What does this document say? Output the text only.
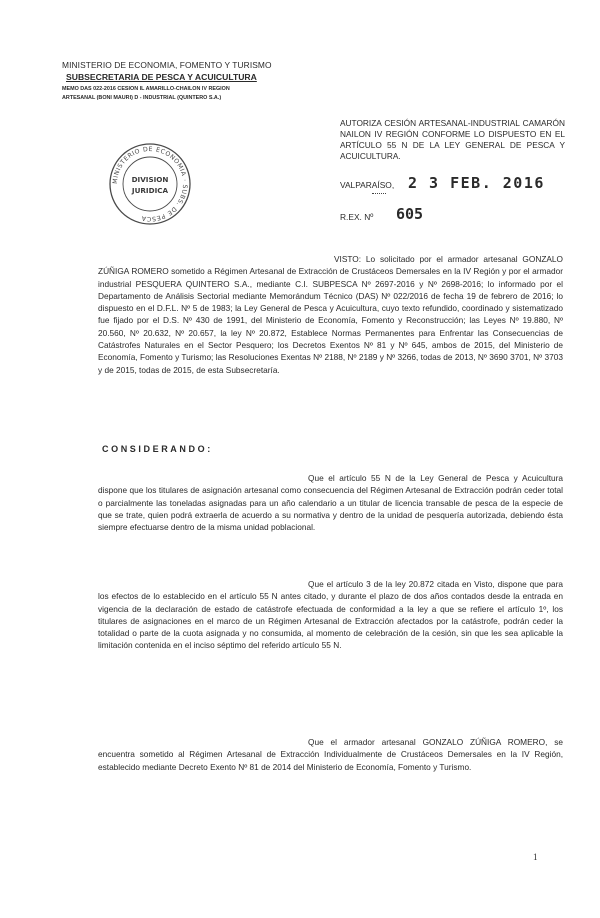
MINISTERIO DE ECONOMIA, FOMENTO Y TURISMO
SUBSECRETARIA DE PESCA Y ACUICULTURA
MEMO DAS 022-2016 CESION IL AMARILLO-CHAILON IV REGION
ARTESANAL (BONI MAURI) D - INDUSTRIAL (QUINTERO S.A.)
MINISTERIO DE ECONOMIA · SUBS. DE PESCA
DIVISION
JURIDICA
AUTORIZA CESIÓN ARTESANAL-INDUSTRIAL CAMARÓN NAILON IV REGIÓN CONFORME LO DISPUESTO EN EL ARTÍCULO 55 N DE LA LEY GENERAL DE PESCA Y ACUICULTURA.
VALPARAÍSO, 2 3 FEB. 2016
R.EX. Nº 605
VISTO: Lo solicitado por el armador artesanal GONZALO ZÚÑIGA ROMERO sometido a Régimen Artesanal de Extracción de Crustáceos Demersales en la IV Región y por el armador industrial PESQUERA QUINTERO S.A., mediante C.I. SUBPESCA Nº 2697-2016 y Nº 2698-2016; lo informado por el Departamento de Análisis Sectorial mediante Memorándum Técnico (DAS) Nº 022/2016 de fecha 19 de febrero de 2016; lo dispuesto en el D.F.L. Nº 5 de 1983; la Ley General de Pesca y Acuicultura, cuyo texto refundido, coordinado y sistematizado fue fijado por el D.S. Nº 430 de 1991, del Ministerio de Economía, Fomento y Reconstrucción; las Leyes Nº 19.880, Nº 20.560, Nº 20.632, Nº 20.657, la ley Nº 20.872, Establece Normas Permanentes para Enfrentar las Consecuencias de Catástrofes Naturales en el Sector Pesquero; los Decretos Exentos Nº 81 y Nº 645, ambos de 2015, del Ministerio de Economía, Fomento y Turismo; las Resoluciones Exentas Nº 2188, Nº 2189 y Nº 3266, todas de 2013, Nº 3690 3701, Nº 3703 y de 2015, todas de 2015, de esta Subsecretaría.
CONSIDERANDO:
Que el artículo 55 N de la Ley General de Pesca y Acuicultura dispone que los titulares de asignación artesanal como consecuencia del Régimen Artesanal de Extracción podrán ceder total o parcialmente las toneladas asignadas para un año calendario a un titular de licencia transable de pesca de la especie de que se trate, quien podrá extraerla de acuerdo a su normativa y dentro de la unidad de pesquería autorizada, debiendo ésta siempre efectuarse dentro de la misma unidad poblacional.
Que el artículo 3 de la ley 20.872 citada en Visto, dispone que para los efectos de lo establecido en el artículo 55 N antes citado, y durante el plazo de dos años contados desde la entrada en vigencia de la declaración de estado de catástrofe efectuada de conformidad a la ley a que se refiere el artículo 1º, los titulares de asignaciones en el marco de un Régimen Artesanal de Extracción afectados por la catástrofe, podrán ceder la totalidad o parte de la cuota asignada y no consumida, al momento de celebración de la cesión, sin que les sea aplicable la limitación contenida en el inciso séptimo del referido artículo 55 N.
Que el armador artesanal GONZALO ZÚÑIGA ROMERO, se encuentra sometido al Régimen Artesanal de Extracción Individualmente de Crustáceos Demersales en la IV Región, establecido mediante Decreto Exento Nº 81 de 2014 del Ministerio de Economía, Fomento y Turismo.
1
